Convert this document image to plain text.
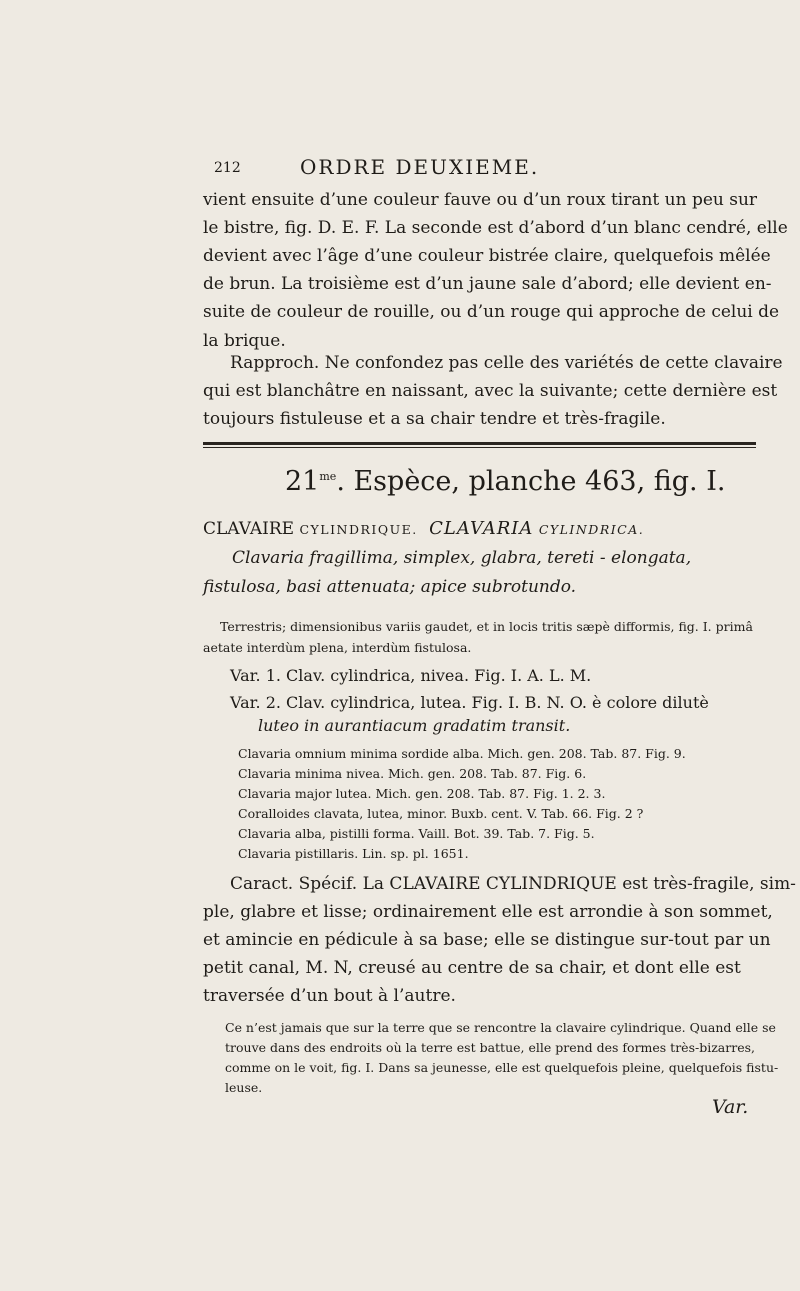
212	ORDRE DEUXIEME.
vient ensuite d’une couleur fauve ou d’un roux tirant un peu sur
le bistre, fig. D. E. F. La seconde est d’abord d’un blanc cendré, elle
devient avec l’âge d’une couleur bistrée claire, quelquefois mêlée
de brun. La troisième est d’un jaune sale d’abord; elle devient en-
suite de couleur de rouille, ou d’un rouge qui approche de celui de
la brique.
Rapproch. Ne confondez pas celle des variétés de cette clavaire
qui est blanchâtre en naissant, avec la suivante; cette dernière est
toujours fistuleuse et a sa chair tendre et très-fragile.
$21^{me}$. Espèce, planche 463, fig. I.
CLAVAIRE CYLINDRIQUE. CLAVARIA CYLINDRICA.
Clavaria fragillima, simplex, glabra, tereti - elongata,
fistulosa, basi attenuata; apice subrotundo.
Terrestris; dimensionibus variis gaudet, et in locis tritis sæpè difformis, fig. I. primâ
aetate interdùm plena, interdùm fistulosa.
Var. 1. Clav. cylindrica, nivea. Fig. I. A. L. M.
Var. 2. Clav. cylindrica, lutea. Fig. I. B. N. O. è colore dilutè
luteo in aurantiacum gradatim transit.
Clavaria omnium minima sordide alba. Mich. gen. 208. Tab. 87. Fig. 9.
Clavaria minima nivea. Mich. gen. 208. Tab. 87. Fig. 6.
Clavaria major lutea. Mich. gen. 208. Tab. 87. Fig. 1. 2. 3.
Coralloides clavata, lutea, minor. Buxb. cent. V. Tab. 66. Fig. 2 ?
Clavaria alba, pistilli forma. Vaill. Bot. 39. Tab. 7. Fig. 5.
Clavaria pistillaris. Lin. sp. pl. 1651.
Caract. Spécif. La CLAVAIRE CYLINDRIQUE est très-fragile, sim-
ple, glabre et lisse; ordinairement elle est arrondie à son sommet,
et amincie en pédicule à sa base; elle se distingue sur-tout par un
petit canal, M. N, creusé au centre de sa chair, et dont elle est
traversée d’un bout à l’autre.
Ce n’est jamais que sur la terre que se rencontre la clavaire cylindrique. Quand elle se
trouve dans des endroits où la terre est battue, elle prend des formes très-bizarres,
comme on le voit, fig. I. Dans sa jeunesse, elle est quelquefois pleine, quelquefois fistu-
leuse.
Var.
